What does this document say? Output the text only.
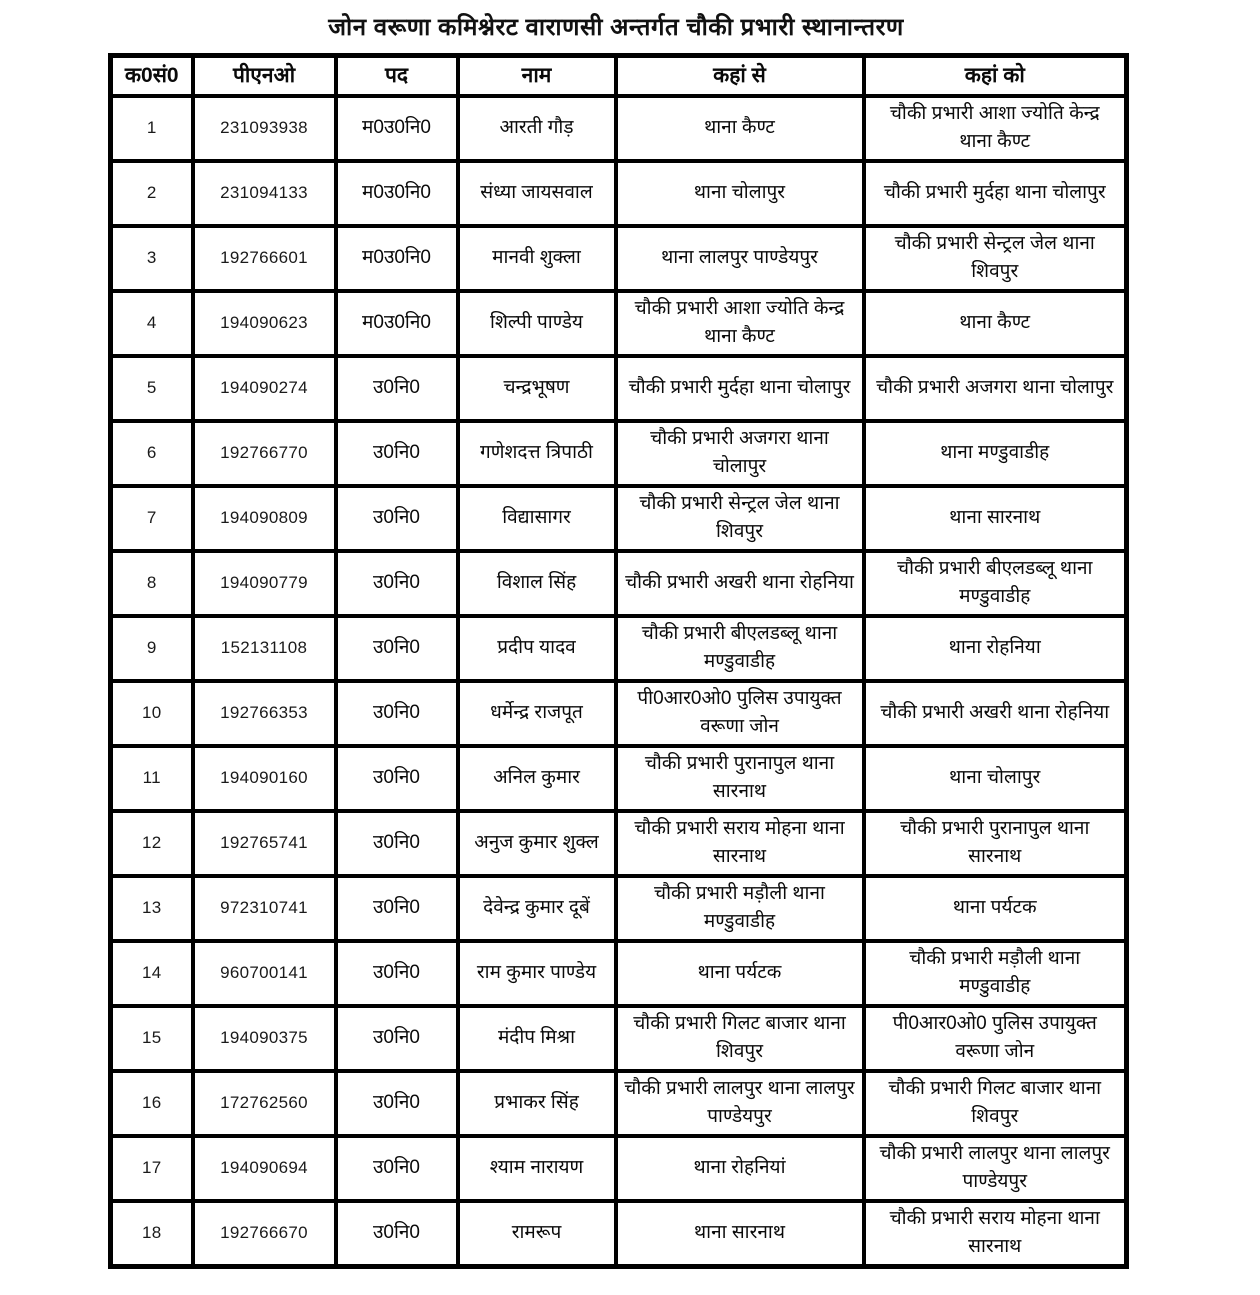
जोन वरूणा कमिश्नेरट वाराणसी अन्तर्गत चौकी प्रभारी स्थानान्तरण
क0सं0	पीएनओ	पद	नाम	कहां से	कहां को
1	231093938	म0उ0नि0	आरती गौड़	थाना कैण्ट	चौकी प्रभारी आशा ज्योति केन्द्र थाना कैण्ट
2	231094133	म0उ0नि0	संध्या जायसवाल	थाना चोलापुर	चौकी प्रभारी मुर्दहा थाना चोलापुर
3	192766601	म0उ0नि0	मानवी शुक्ला	थाना लालपुर पाण्डेयपुर	चौकी प्रभारी सेन्ट्रल जेल थाना शिवपुर
4	194090623	म0उ0नि0	शिल्पी पाण्डेय	चौकी प्रभारी आशा ज्योति केन्द्र थाना कैण्ट	थाना कैण्ट
5	194090274	उ0नि0	चन्द्रभूषण	चौकी प्रभारी मुर्दहा थाना चोलापुर	चौकी प्रभारी अजगरा थाना चोलापुर
6	192766770	उ0नि0	गणेशदत्त त्रिपाठी	चौकी प्रभारी अजगरा थाना चोलापुर	थाना मण्डुवाडीह
7	194090809	उ0नि0	विद्यासागर	चौकी प्रभारी सेन्ट्रल जेल थाना शिवपुर	थाना सारनाथ
8	194090779	उ0नि0	विशाल सिंह	चौकी प्रभारी अखरी थाना रोहनिया	चौकी प्रभारी बीएलडब्लू थाना मण्डुवाडीह
9	152131108	उ0नि0	प्रदीप यादव	चौकी प्रभारी बीएलडब्लू थाना मण्डुवाडीह	थाना रोहनिया
10	192766353	उ0नि0	धर्मेन्द्र राजपूत	पी0आर0ओ0 पुलिस उपायुक्त वरूणा जोन	चौकी प्रभारी अखरी थाना रोहनिया
11	194090160	उ0नि0	अनिल कुमार	चौकी प्रभारी पुरानापुल थाना सारनाथ	थाना चोलापुर
12	192765741	उ0नि0	अनुज कुमार शुक्ल	चौकी प्रभारी सराय मोहना थाना सारनाथ	चौकी प्रभारी पुरानापुल थाना सारनाथ
13	972310741	उ0नि0	देवेन्द्र कुमार दूबें	चौकी प्रभारी मड़ौली थाना मण्डुवाडीह	थाना पर्यटक
14	960700141	उ0नि0	राम कुमार पाण्डेय	थाना पर्यटक	चौकी प्रभारी मड़ौली थाना मण्डुवाडीह
15	194090375	उ0नि0	मंदीप मिश्रा	चौकी प्रभारी गिलट बाजार थाना शिवपुर	पी0आर0ओ0 पुलिस उपायुक्त वरूणा जोन
16	172762560	उ0नि0	प्रभाकर सिंह	चौकी प्रभारी लालपुर थाना लालपुर पाण्डेयपुर	चौकी प्रभारी गिलट बाजार थाना शिवपुर
17	194090694	उ0नि0	श्याम नारायण	थाना रोहनियां	चौकी प्रभारी लालपुर थाना लालपुर पाण्डेयपुर
18	192766670	उ0नि0	रामरूप	थाना सारनाथ	चौकी प्रभारी सराय मोहना थाना सारनाथ
